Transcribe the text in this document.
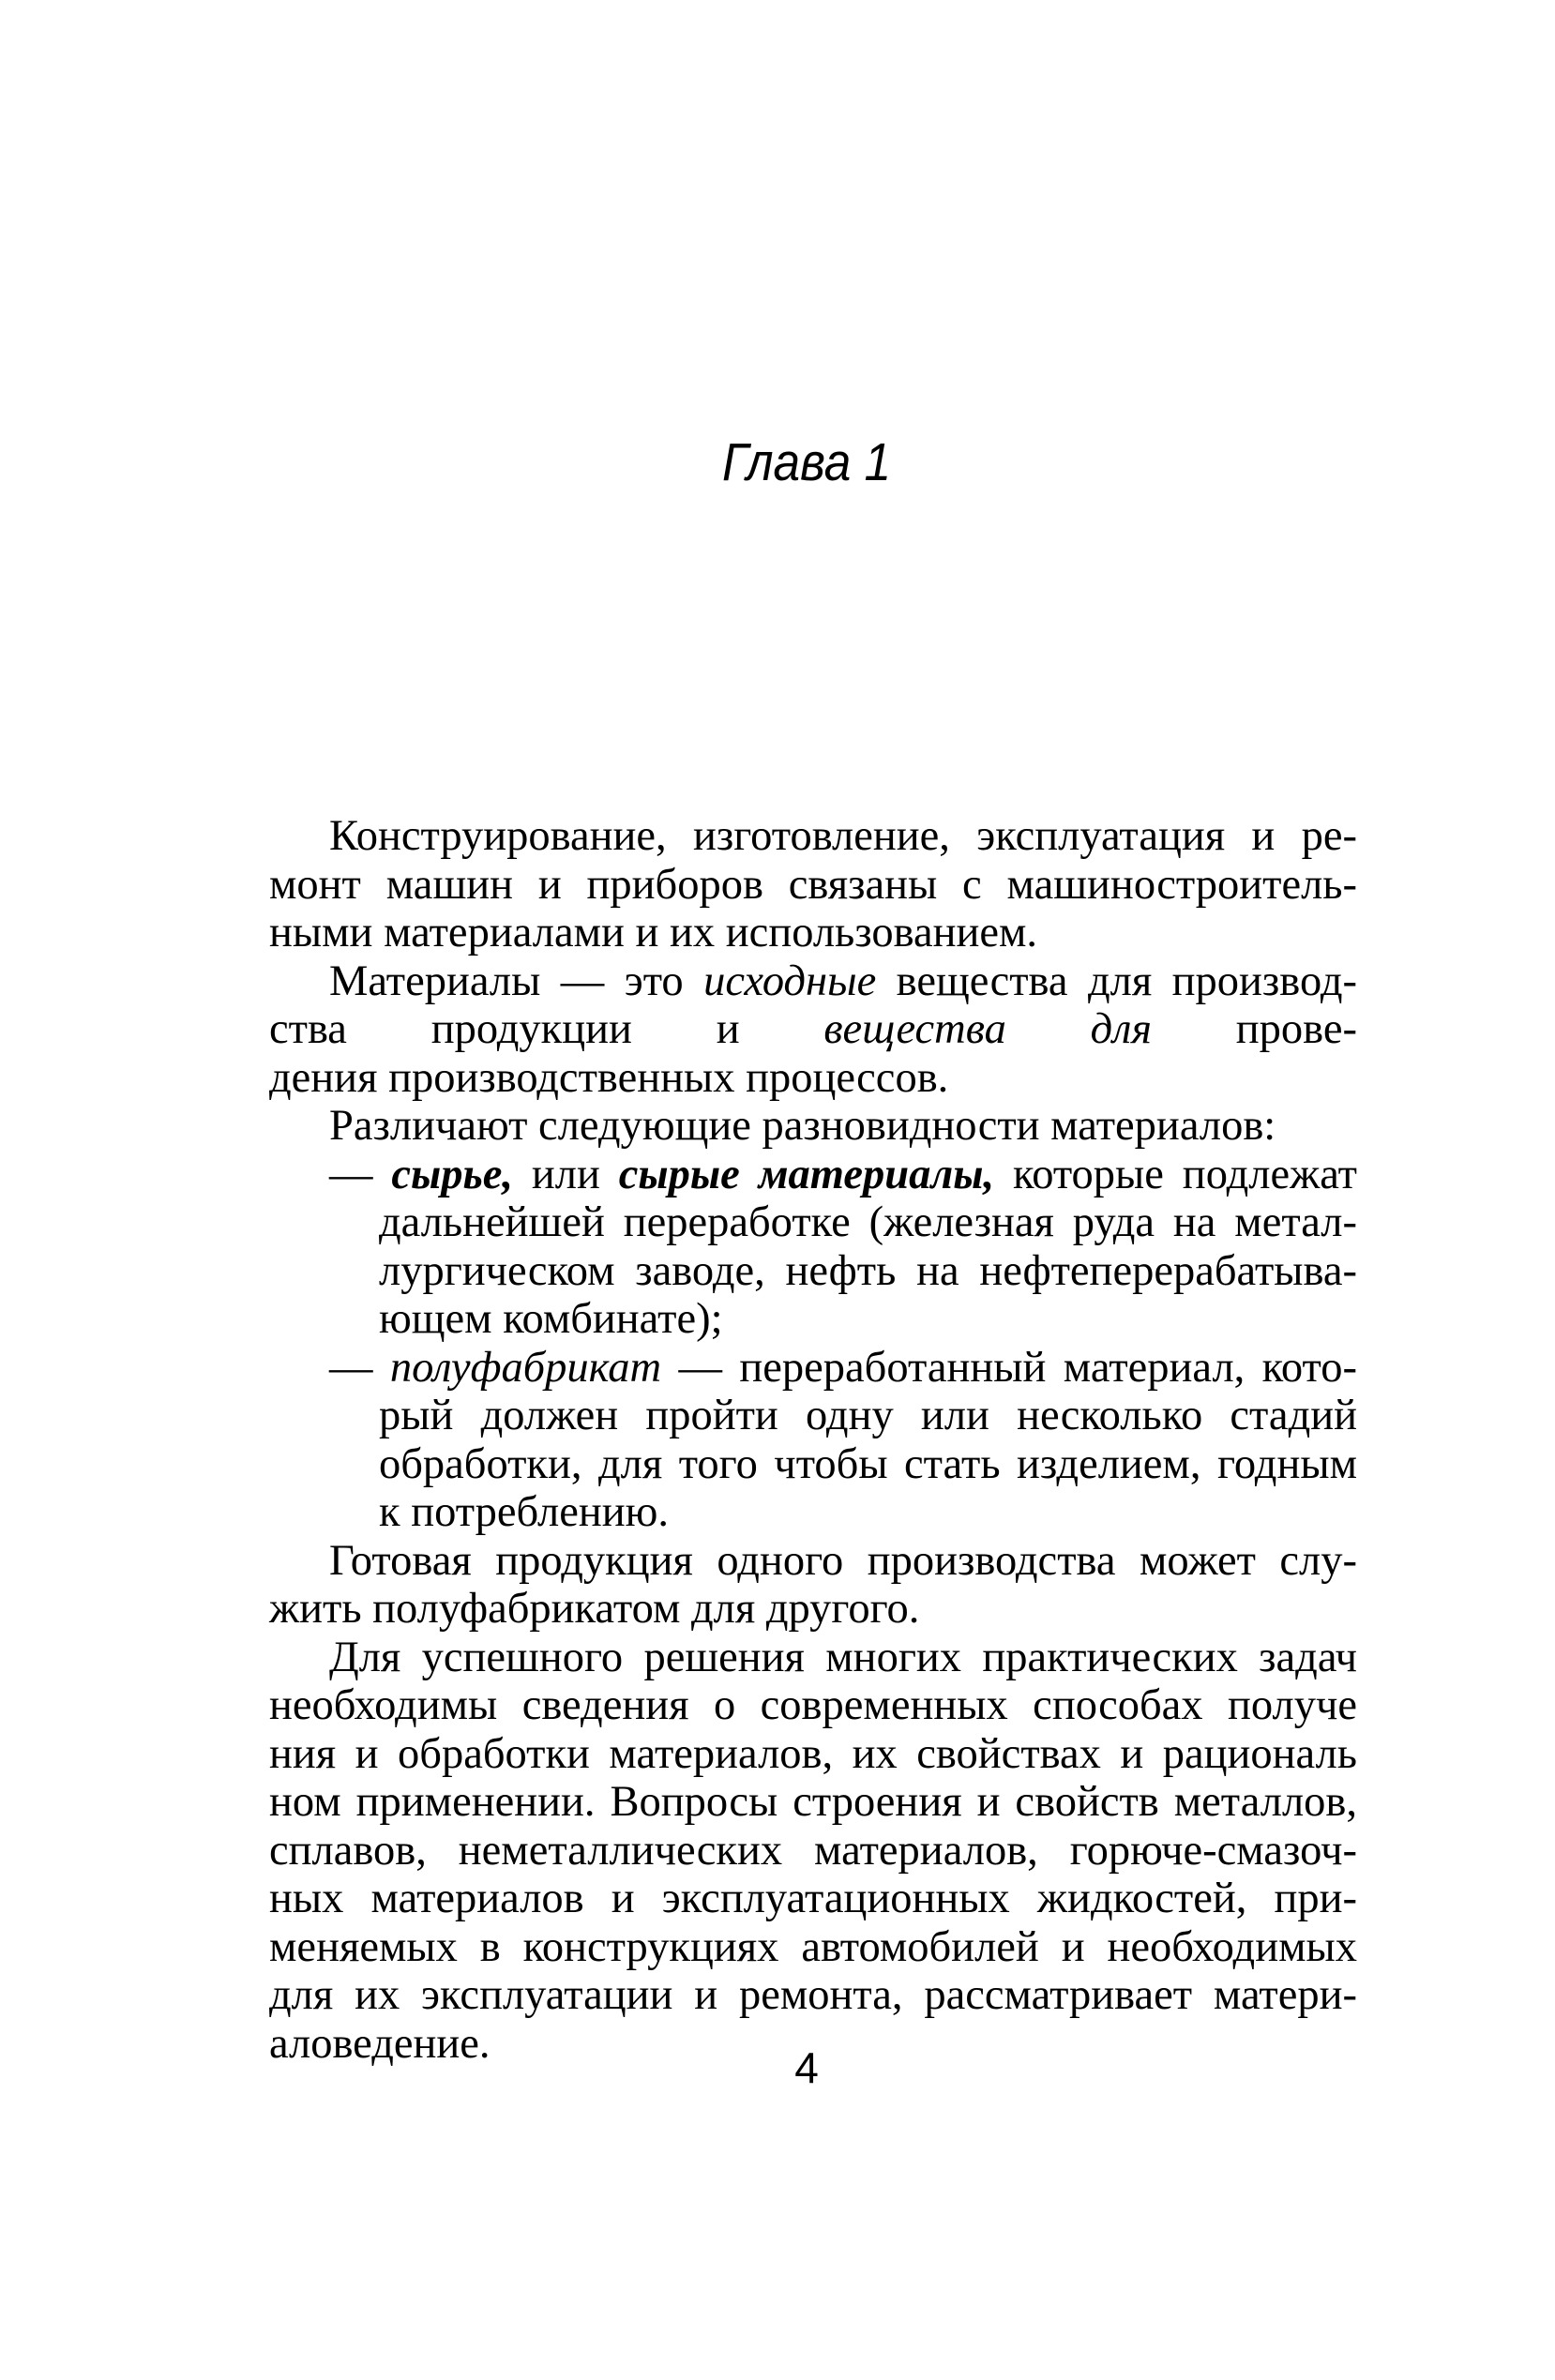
Глава 1
Конструирование, изготовление, эксплуатация и ре-
монт машин и приборов связаны с машиностроитель-
ными материалами и их использованием.
Материалы — это исходные вещества для производ-
ства продукции и вещества для прове-
дения производственных процессов.
Различают следующие разновидности материалов:
— сырье, или сырые материалы, которые подлежат
дальнейшей переработке (железная руда на метал-
лургическом заводе, нефть на нефтеперерабатыва-
ющем комбинате);
— полуфабрикат — переработанный материал, кото-
рый должен пройти одну или несколько стадий
обработки, для того чтобы стать изделием, годным
к потреблению.
Готовая продукция одного производства может слу-
жить полуфабрикатом для другого.
Для успешного решения многих практических задач
необходимы сведения о современных способах получе
ния и обработки материалов, их свойствах и рациональ
ном применении. Вопросы строения и свойств металлов,
сплавов, неметаллических материалов, горюче-смазоч-
ных материалов и эксплуатационных жидкостей, при-
меняемых в конструкциях автомобилей и необходимых
для их эксплуатации и ремонта, рассматривает матери-
аловедение.	4
